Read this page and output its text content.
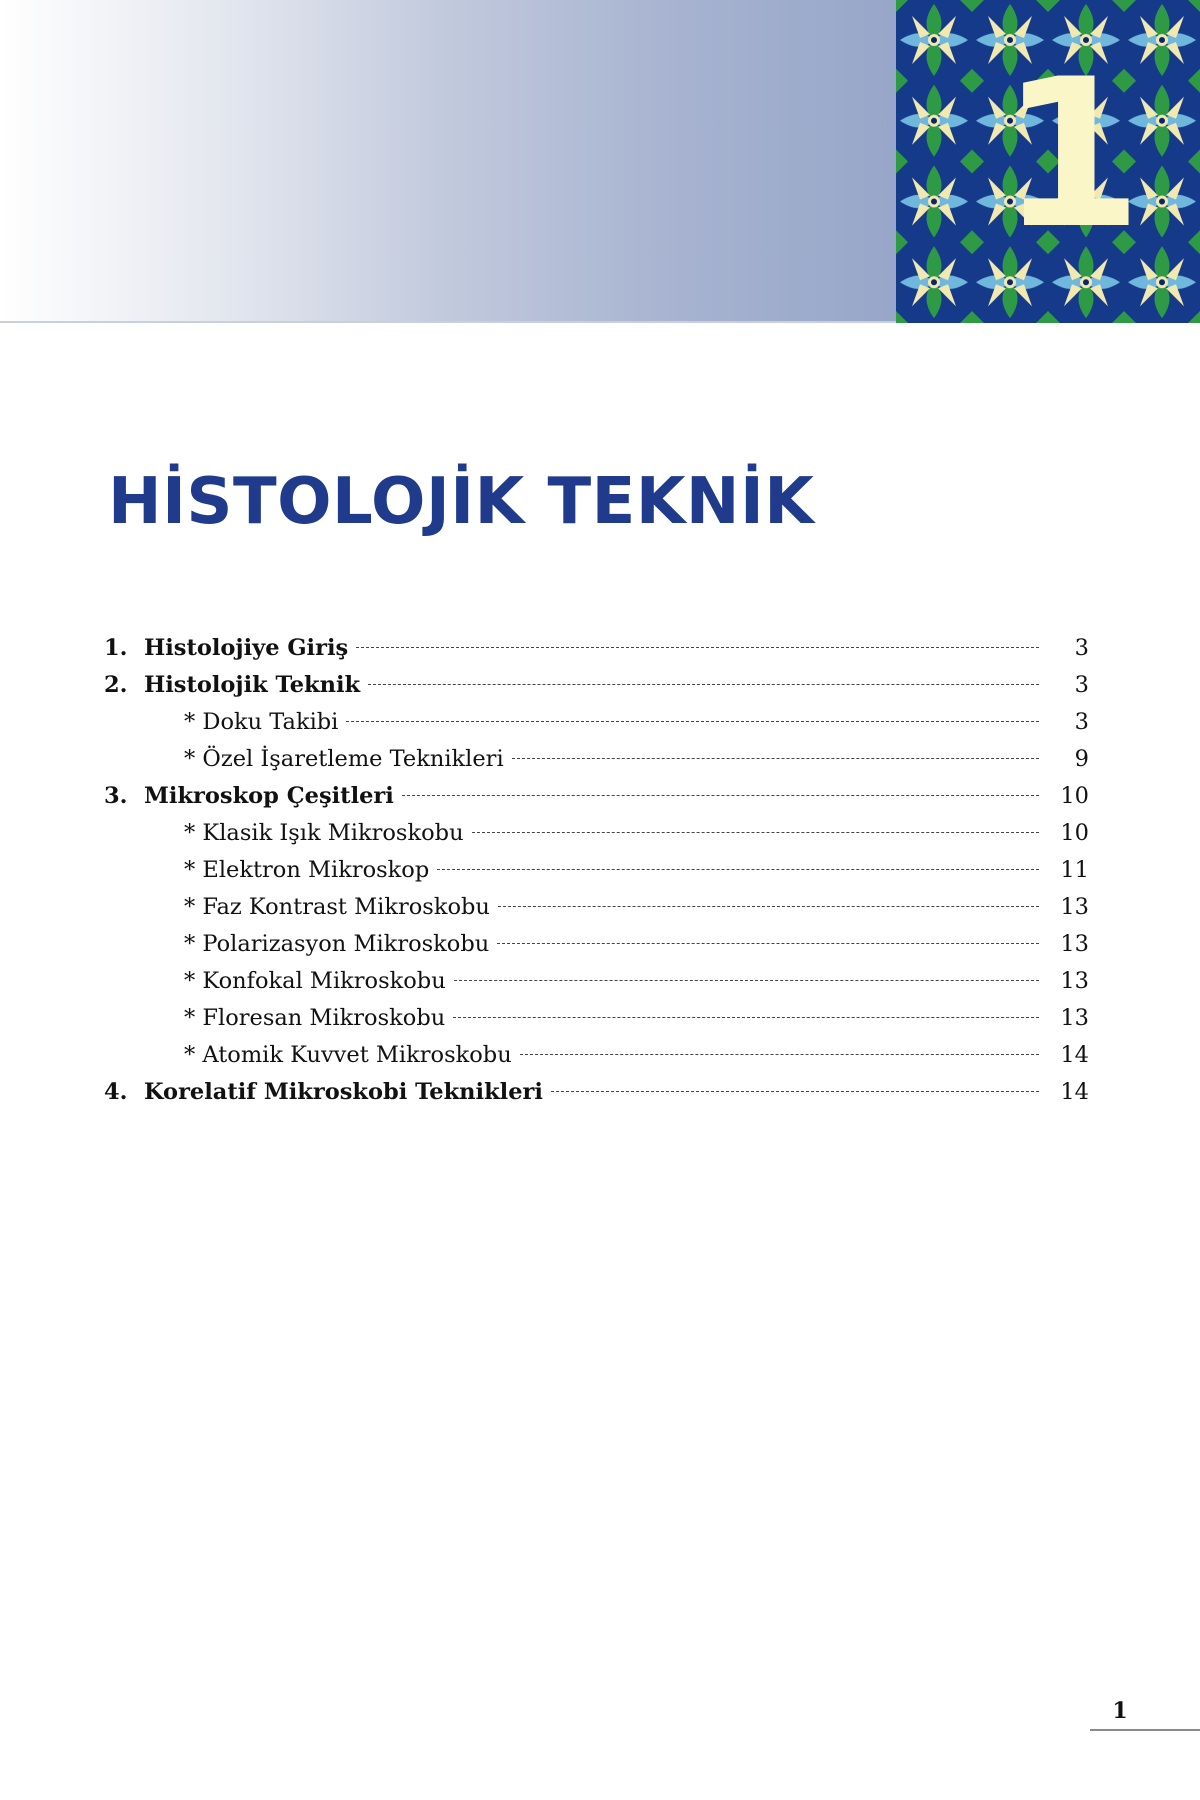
1
HİSTOLOJİK TEKNİK
1. Histolojiye Giriş	3
2. Histolojik Teknik	3
* Doku Takibi	3
* Özel İşaretleme Teknikleri	9
3. Mikroskop Çeşitleri	10
* Klasik Işık Mikroskobu	10
* Elektron Mikroskop	11
* Faz Kontrast Mikroskobu	13
* Polarizasyon Mikroskobu	13
* Konfokal Mikroskobu	13
* Floresan Mikroskobu	13
* Atomik Kuvvet Mikroskobu	14
4. Korelatif Mikroskobi Teknikleri	14
1
